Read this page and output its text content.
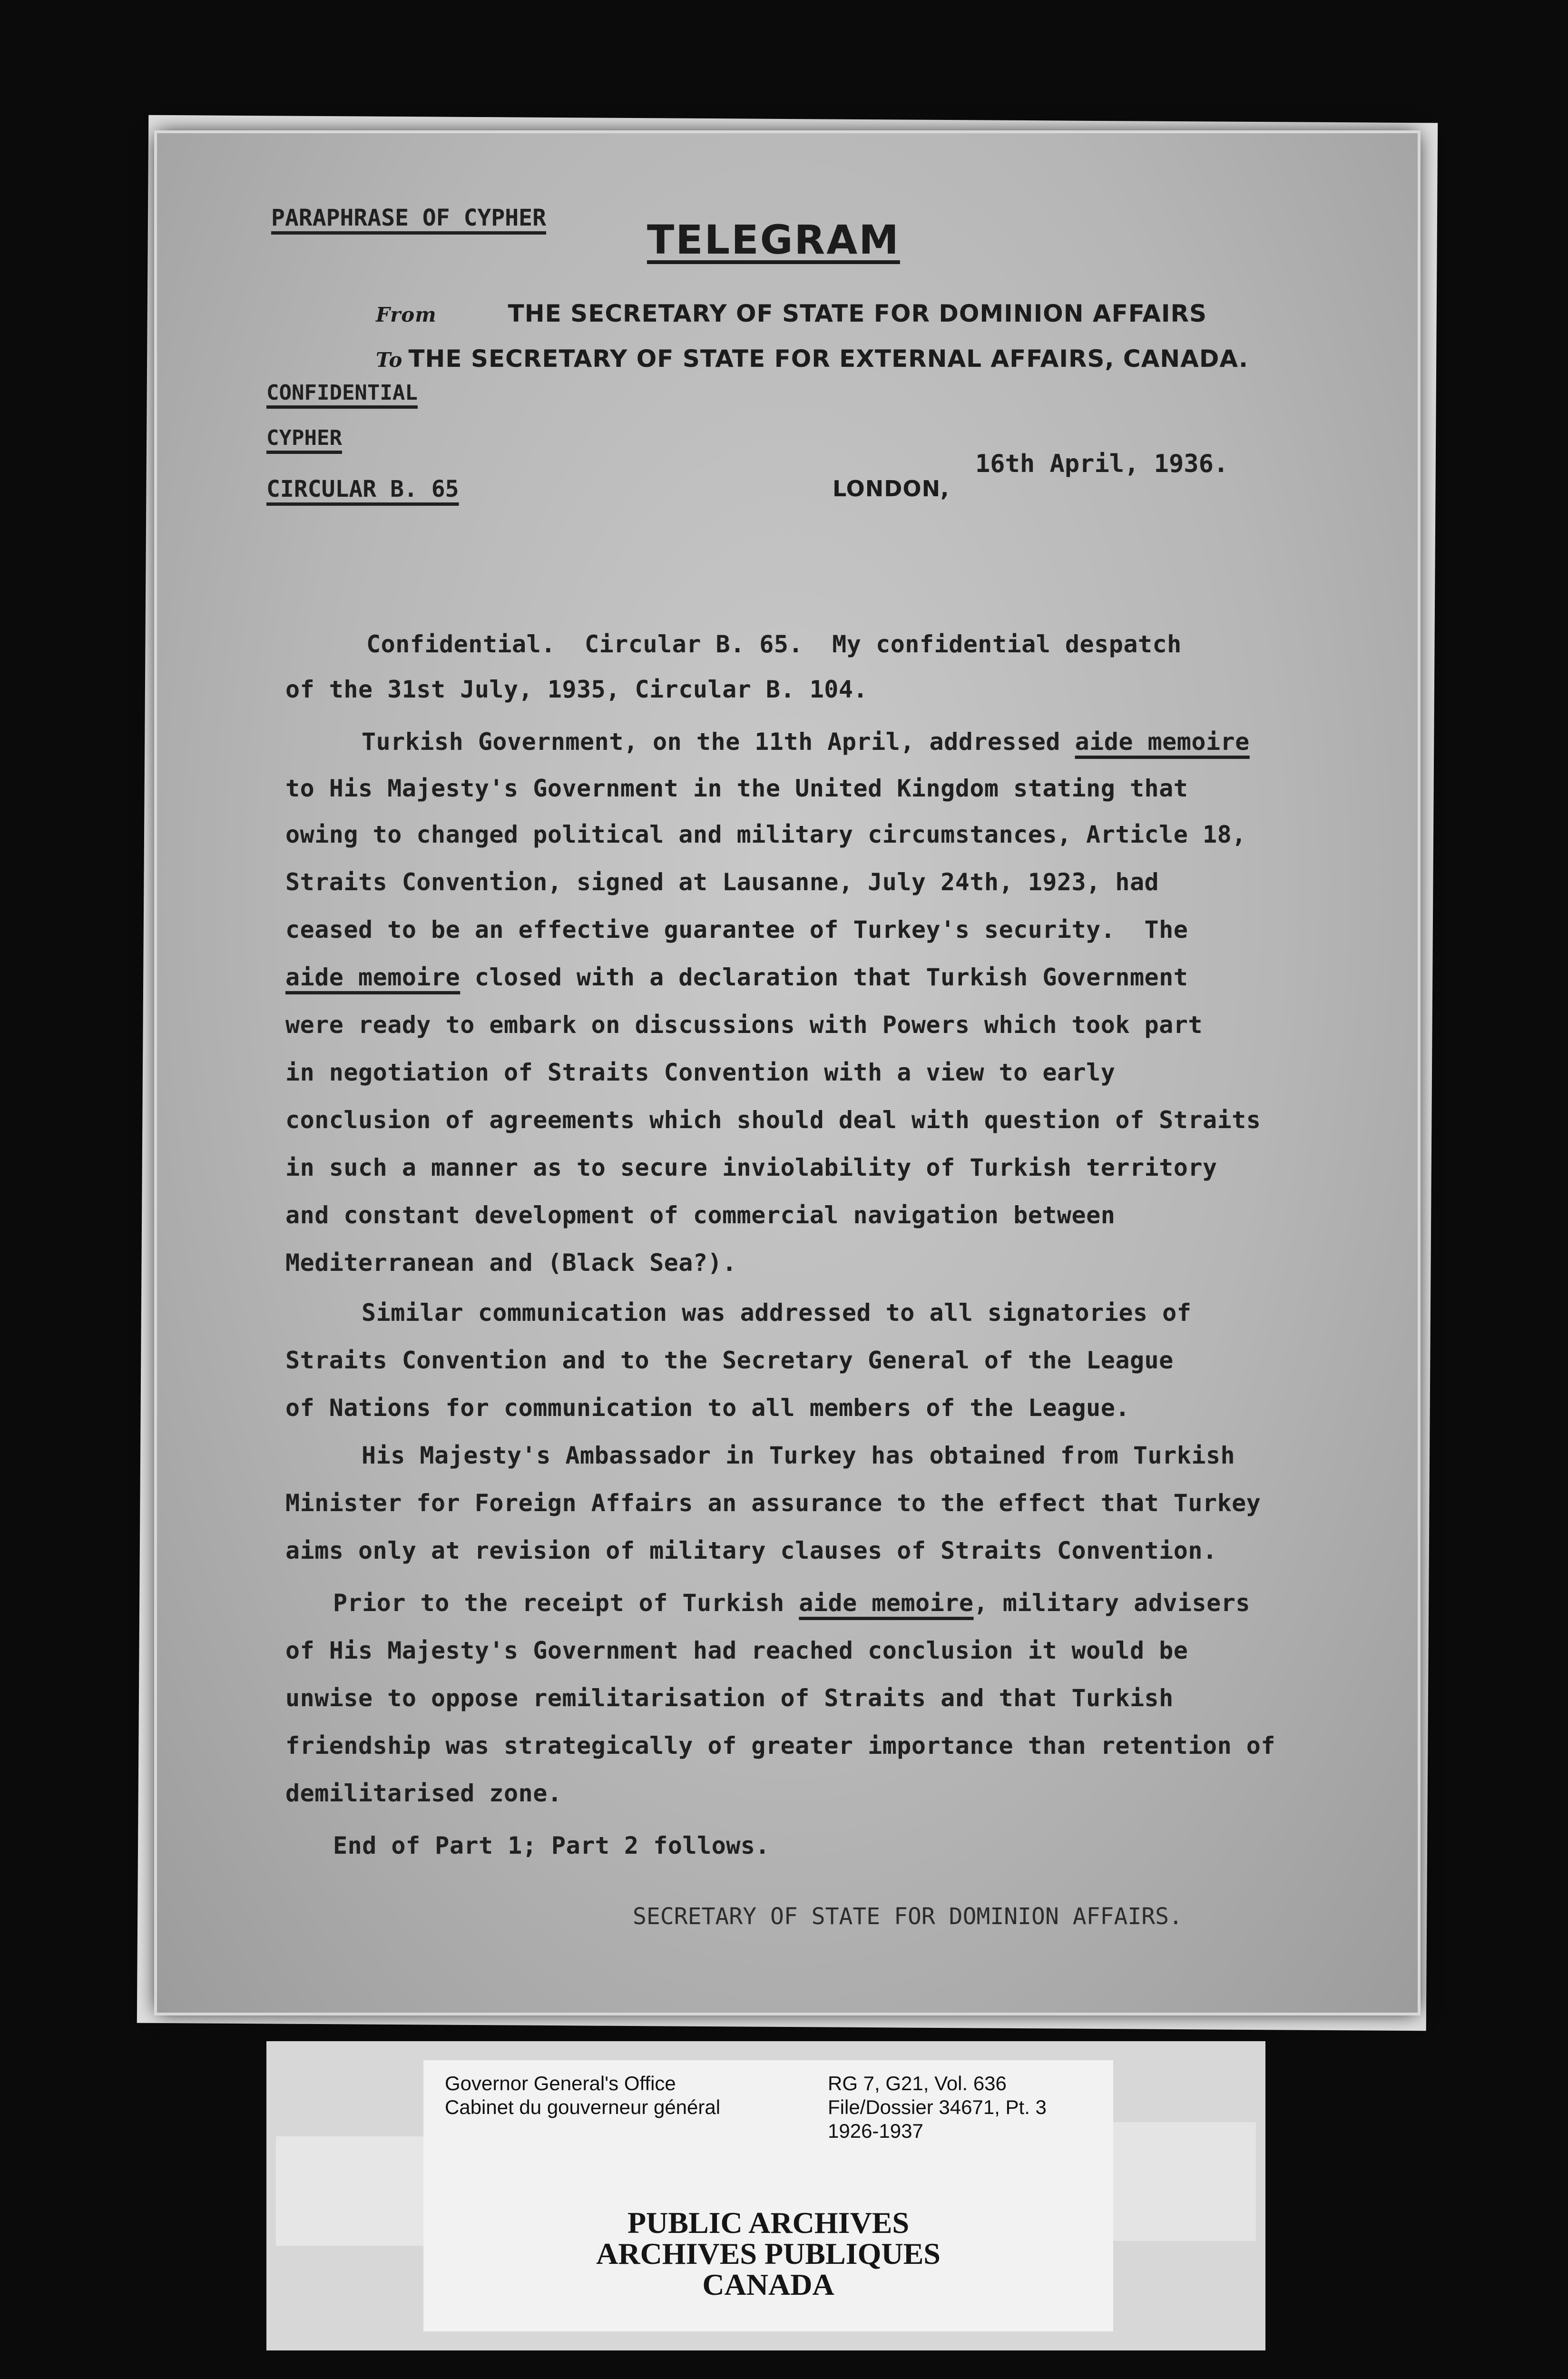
PARAPHRASE OF CYPHER	TELEGRAM
From	THE SECRETARY OF STATE FOR DOMINION AFFAIRS
To THE SECRETARY OF STATE FOR EXTERNAL AFFAIRS, CANADA.
CONFIDENTIAL
CYPHER
CIRCULAR B. 65	LONDON,
16th April, 1936.
Confidential.  Circular B. 65.  My confidential despatch
of the 31st July, 1935, Circular B. 104.
Turkish Government, on the 11th April, addressed aide memoire
to His Majesty's Government in the United Kingdom stating that
owing to changed political and military circumstances, Article 18,
Straits Convention, signed at Lausanne, July 24th, 1923, had
ceased to be an effective guarantee of Turkey's security.  The
aide memoire closed with a declaration that Turkish Government
were ready to embark on discussions with Powers which took part
in negotiation of Straits Convention with a view to early
conclusion of agreements which should deal with question of Straits
in such a manner as to secure inviolability of Turkish territory
and constant development of commercial navigation between
Mediterranean and (Black Sea?).
Similar communication was addressed to all signatories of
Straits Convention and to the Secretary General of the League
of Nations for communication to all members of the League.
His Majesty's Ambassador in Turkey has obtained from Turkish
Minister for Foreign Affairs an assurance to the effect that Turkey
aims only at revision of military clauses of Straits Convention.
Prior to the receipt of Turkish aide memoire, military advisers
of His Majesty's Government had reached conclusion it would be
unwise to oppose remilitarisation of Straits and that Turkish
friendship was strategically of greater importance than retention of
demilitarised zone.
End of Part 1; Part 2 follows.
SECRETARY OF STATE FOR DOMINION AFFAIRS.
Governor General's Office
Cabinet du gouverneur général
RG 7, G21, Vol. 636
File/Dossier 34671, Pt. 3
1926-1937
PUBLIC ARCHIVES
ARCHIVES PUBLIQUES
CANADA
